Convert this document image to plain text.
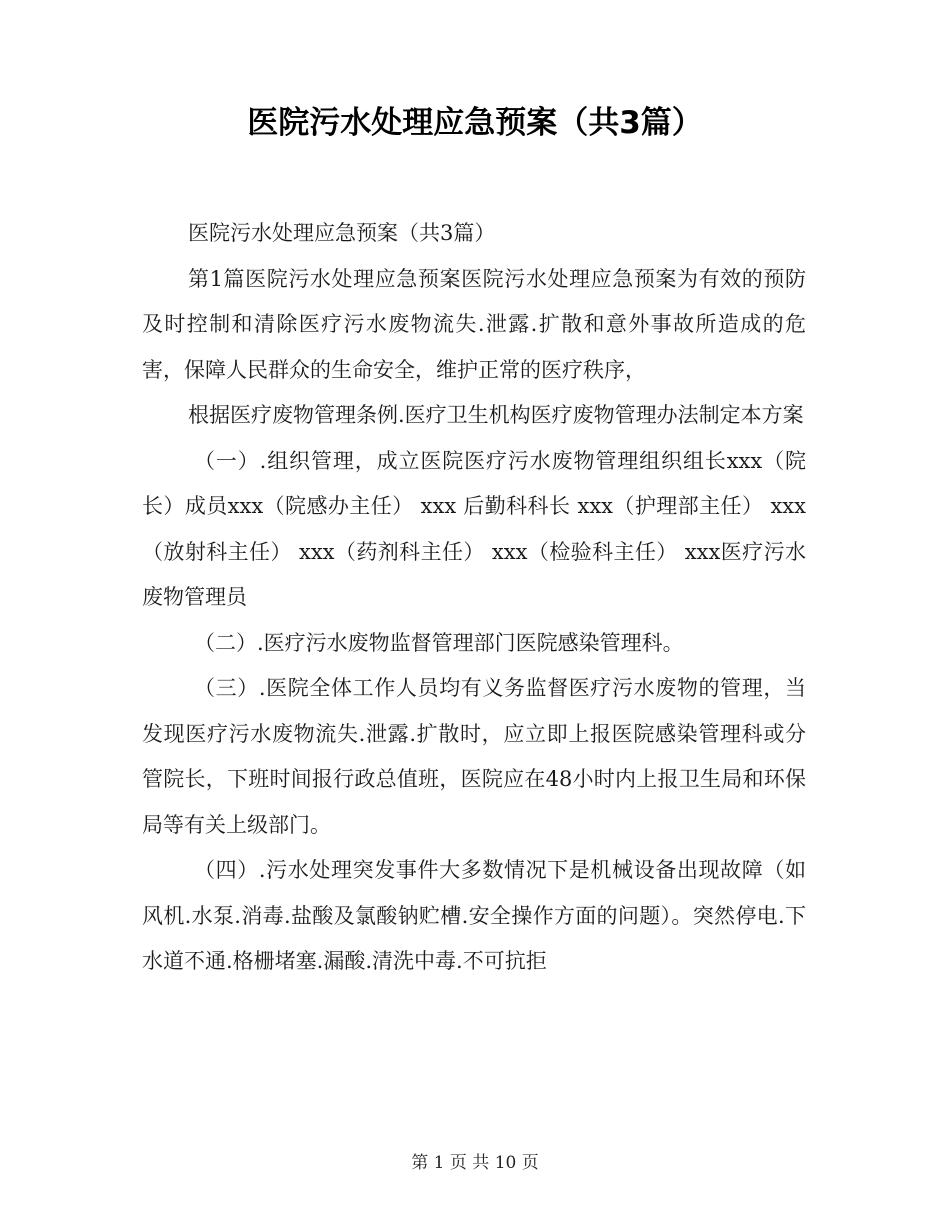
医院污水处理应急预案（共3篇）

医院污水处理应急预案（共3篇）

第1篇医院污水处理应急预案医院污水处理应急预案为有效的预防及时控制和清除医疗污水废物流失.泄露.扩散和意外事故所造成的危害，保障人民群众的生命安全，维护正常的医疗秩序，

根据医疗废物管理条例.医疗卫生机构医疗废物管理办法制定本方案

（一）.组织管理，成立医院医疗污水废物管理组织组长xxx（院长）成员xxx（院感办主任） xxx 后勤科科长 xxx（护理部主任） xxx （放射科主任） xxx（药剂科主任） xxx（检验科主任） xxx医疗污水废物管理员

（二）.医疗污水废物监督管理部门医院感染管理科。

（三）.医院全体工作人员均有义务监督医疗污水废物的管理，当发现医疗污水废物流失.泄露.扩散时，应立即上报医院感染管理科或分管院长，下班时间报行政总值班，医院应在48小时内上报卫生局和环保局等有关上级部门。

（四）.污水处理突发事件大多数情况下是机械设备出现故障（如风机.水泵.消毒.盐酸及氯酸钠贮槽.安全操作方面的问题）。突然停电.下水道不通.格栅堵塞.漏酸.清洗中毒.不可抗拒

第 1 页 共 10 页
